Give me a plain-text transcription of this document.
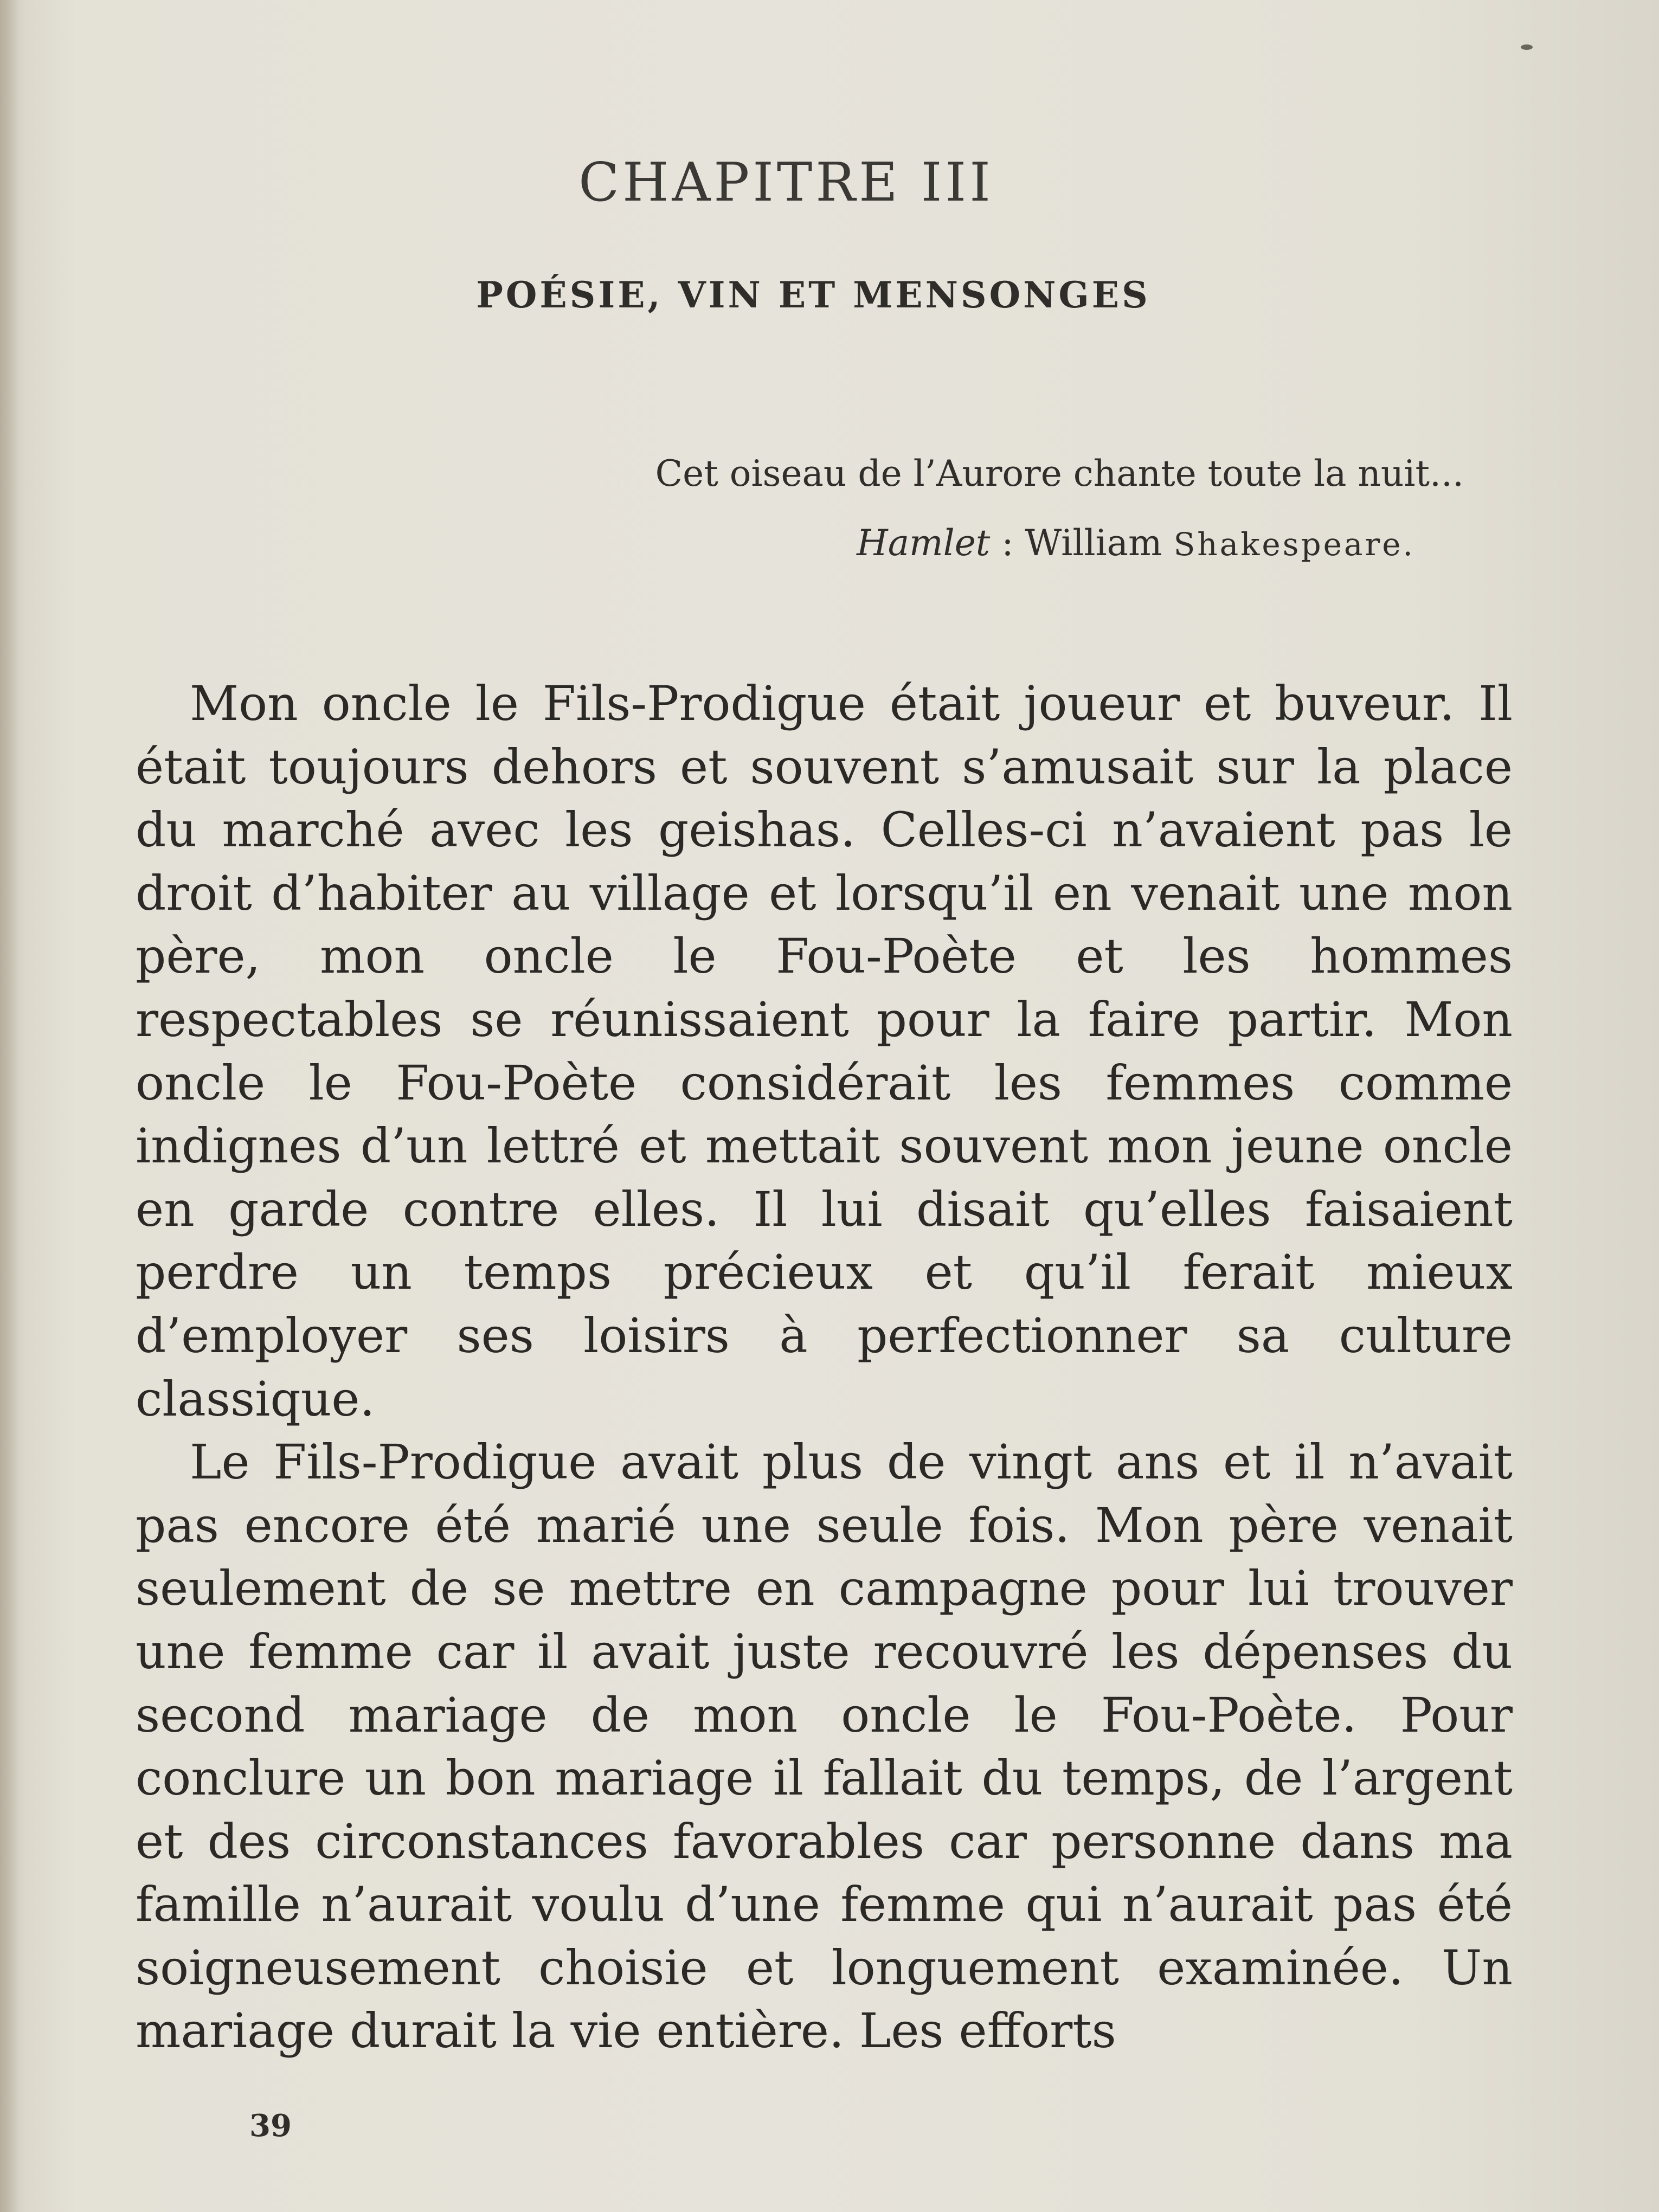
CHAPITRE III
POÉSIE, VIN ET MENSONGES
Cet oiseau de l’Aurore chante toute la nuit...
Hamlet : William Shakespeare.

Mon oncle le Fils-Prodigue était joueur et buveur. Il était toujours dehors et souvent s’amusait sur la place du marché avec les geishas. Celles-ci n’avaient pas le droit d’habiter au village et lorsqu’il en venait une mon père, mon oncle le Fou-Poète et les hommes respectables se réunissaient pour la faire partir. Mon oncle le Fou-Poète considérait les femmes comme indignes d’un lettré et mettait souvent mon jeune oncle en garde contre elles. Il lui disait qu’elles faisaient perdre un temps précieux et qu’il ferait mieux d’employer ses loisirs à perfectionner sa culture classique.

Le Fils-Prodigue avait plus de vingt ans et il n’avait pas encore été marié une seule fois. Mon père venait seulement de se mettre en campagne pour lui trouver une femme car il avait juste recouvré les dépenses du second mariage de mon oncle le Fou-Poète. Pour conclure un bon mariage il fallait du temps, de l’argent et des circonstances favorables car personne dans ma famille n’aurait voulu d’une femme qui n’aurait pas été soigneusement choisie et longuement examinée. Un mariage durait la vie entière. Les efforts

39
